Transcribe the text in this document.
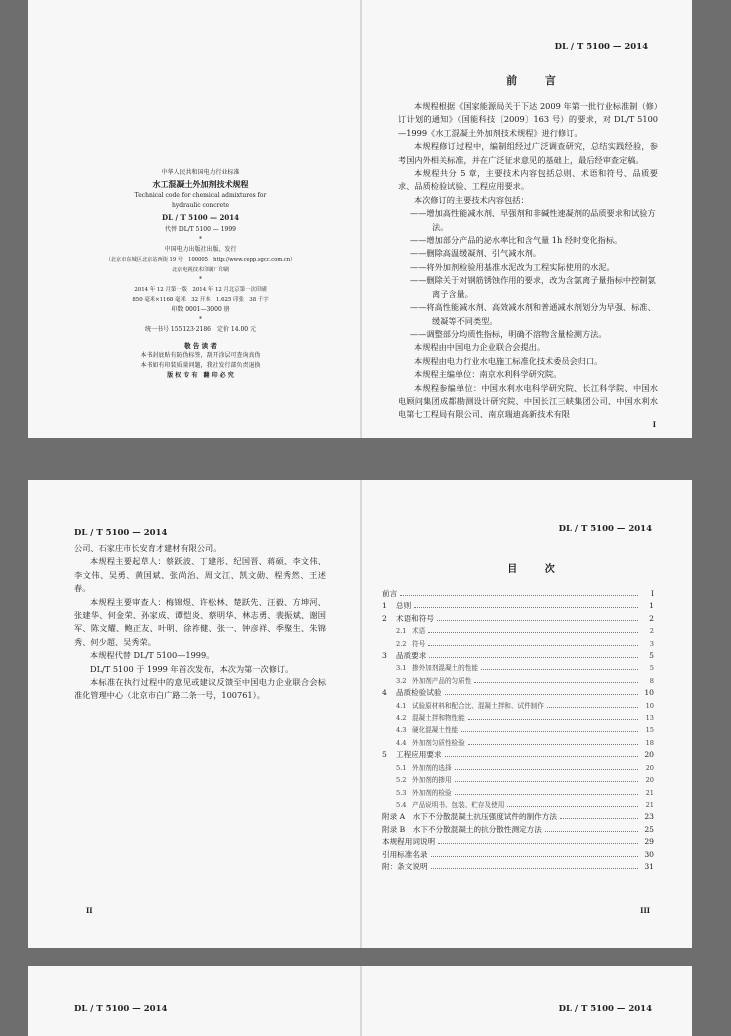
中华人民共和国电力行业标准
水工混凝土外加剂技术规程
Technical code for chemical admixtures for
hydraulic concrete
DL / T 5100 — 2014
代替 DL/T 5100 — 1999
*
中国电力出版社出版、发行
（北京市东城区北京站西街 19 号　100005　http://www.cepp.sgcc.com.cn）
北京电视技术印刷厂印刷
*
2014 年 12 月第一版　2014 年 12 月北京第一次印刷
850 毫米×1168 毫米　32 开本　1.625 印张　38 千字
印数 0001—3000 册
*
统一书号 155123·2186　定价 14.00 元
敬 告 读 者
本书封底贴有防伪标签，刮开涂层可查询真伪
本书如有印装质量问题，我社发行部负责退换
版 权 专 有　翻 印 必 究
DL / T 5100 — 2014
前 言

本规程根据《国家能源局关于下达 2009 年第一批行业标准制（修）订计划的通知》（国能科技〔2009〕163 号）的要求，对 DL/T 5100—1999《水工混凝土外加剂技术规程》进行修订。

本规程修订过程中，编制组经过广泛调查研究，总结实践经验，参考国内外相关标准，并在广泛征求意见的基础上，最后经审查定稿。

本规程共分 5 章，主要技术内容包括总则、术语和符号、品质要求、品质检验试验、工程应用要求。

本次修订的主要技术内容包括：

——增加高性能减水剂、早强剂和非碱性速凝剂的品质要求和试验方法。

——增加部分产品的泌水率比和含气量 1h 经时变化指标。

——删除高温缓凝剂、引气减水剂。

——将外加剂检验用基准水泥改为工程实际使用的水泥。

——删除关于对钢筋锈蚀作用的要求，改为含氯离子量指标中控制氯离子含量。

——将高性能减水剂、高效减水剂和普通减水剂划分为早强、标准、缓凝等不同类型。

——调整部分均质性指标，明确不溶物含量检测方法。

本规程由中国电力企业联合会提出。

本规程由电力行业水电施工标准化技术委员会归口。

本规程主编单位：南京水利科学研究院。

本规程参编单位：中国水利水电科学研究院、长江科学院、中国水电顾问集团成都勘测设计研究院、中国长江三峡集团公司、中国水利水电第七工程局有限公司、南京瑞迪高新技术有限

I
DL / T 5100 — 2014

公司、石家庄市长安育才建材有限公司。

本规程主要起草人：蔡跃波、丁建彤、纪国晋、蒋硕、李文伟、李文伟、吴勇、黄国斌、张尚治、周文江、凯文勋、程秀然、王述春。

本规程主要审查人：梅锦煜、许松林、楚跃先、汪毅、方坤河、张建华、何金荣、孙家成、谭恺炎、蔡明华、林志勇、裴振斌、谢国军、陈文耀、鲍正友、叶明、徐祚健、张一、钟彦祥、季聚生、朱锦秀、何少超、吴秀荣。

本规程代替 DL/T 5100—1999。

DL/T 5100 于 1999 年首次发布，本次为第一次修订。

本标准在执行过程中的意见或建议反馈至中国电力企业联合会标准化管理中心（北京市白广路二条一号，100761）。

II
DL / T 5100 — 2014
目 次
前言	I
1	总则	1
2	术语和符号	2
2.1 术语	2
2.2 符号	3
3	品质要求	5
3.1 掺外加剂混凝土的性能	5
3.2 外加剂产品的匀质性	8
4	品质检验试验	10
4.1 试验原材料和配合比、混凝土拌和、试件制作	10
4.2 混凝土拌和物性能	13
4.3 硬化混凝土性能	15
4.4 外加剂匀质性检验	18
5	工程应用要求	20
5.1 外加剂的选择	20
5.2 外加剂的掺用	20
5.3 外加剂的检验	21
5.4 产品说明书、包装、贮存及使用	21
附录 A　水下不分散混凝土抗压强度试件的制作方法	23
附录 B　水下不分散混凝土的抗分散性测定方法	25
本规程用词说明	29
引用标准名录	30
附：条文说明	31
III
DL / T 5100 — 2014	DL / T 5100 — 2014
